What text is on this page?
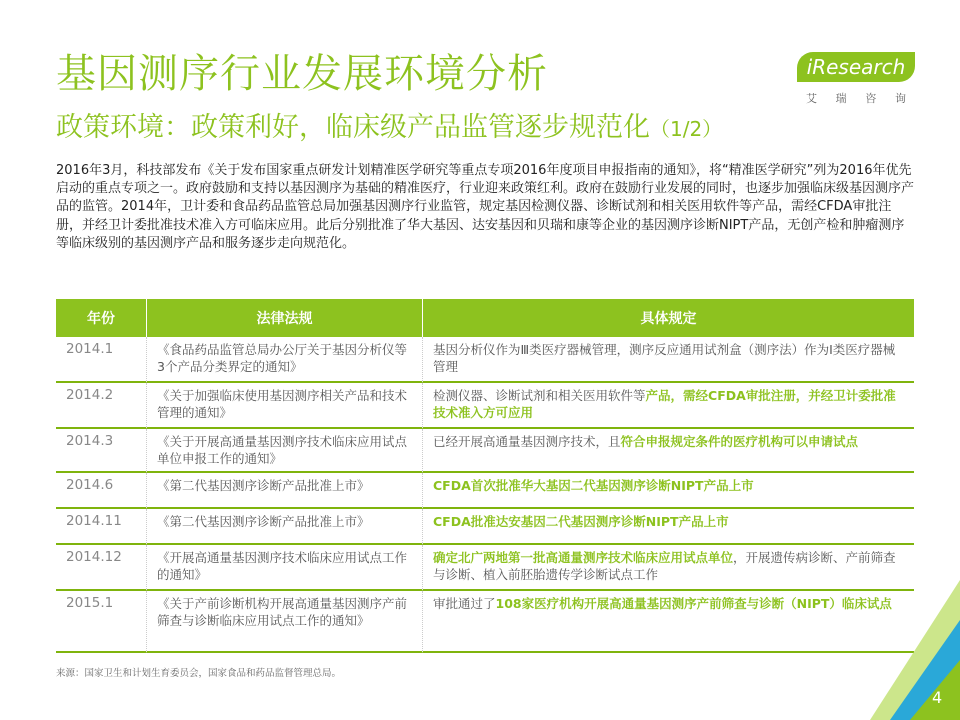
基因测序行业发展环境分析
政策环境：政策利好，临床级产品监管逐步规范化（1/2）
iResearch
艾 瑞 咨 询
2016年3月，科技部发布《关于发布国家重点研发计划精准医学研究等重点专项2016年度项目申报指南的通知》，将“精准医学研究”列为2016年优先启动的重点专项之一。政府鼓励和支持以基因测序为基础的精准医疗，行业迎来政策红利。政府在鼓励行业发展的同时，也逐步加强临床级基因测序产品的监管。2014年，卫计委和食品药品监管总局加强基因测序行业监管，规定基因检测仪器、诊断试剂和相关医用软件等产品，需经CFDA审批注册，并经卫计委批准技术准入方可临床应用。此后分别批准了华大基因、达安基因和贝瑞和康等企业的基因测序诊断NIPT产品，无创产检和肿瘤测序等临床级别的基因测序产品和服务逐步走向规范化。
年份	法律法规	具体规定
2014.1	《食品药品监管总局办公厅关于基因分析仪等3个产品分类界定的通知》	基因分析仪作为Ⅲ类医疗器械管理，测序反应通用试剂盒（测序法）作为Ⅰ类医疗器械管理
2014.2	《关于加强临床使用基因测序相关产品和技术管理的通知》	检测仪器、诊断试剂和相关医用软件等产品，需经CFDA审批注册，并经卫计委批准技术准入方可应用
2014.3	《关于开展高通量基因测序技术临床应用试点单位申报工作的通知》	已经开展高通量基因测序技术，且符合申报规定条件的医疗机构可以申请试点
2014.6	《第二代基因测序诊断产品批准上市》	CFDA首次批准华大基因二代基因测序诊断NIPT产品上市
2014.11	《第二代基因测序诊断产品批准上市》	CFDA批准达安基因二代基因测序诊断NIPT产品上市
2014.12	《开展高通量基因测序技术临床应用试点工作的通知》	确定北广两地第一批高通量测序技术临床应用试点单位，开展遗传病诊断、产前筛查与诊断、植入前胚胎遗传学诊断试点工作
2015.1	《关于产前诊断机构开展高通量基因测序产前筛查与诊断临床应用试点工作的通知》	审批通过了108家医疗机构开展高通量基因测序产前筛查与诊断（NIPT）临床试点
来源：国家卫生和计划生育委员会，国家食品和药品监督管理总局。
4
